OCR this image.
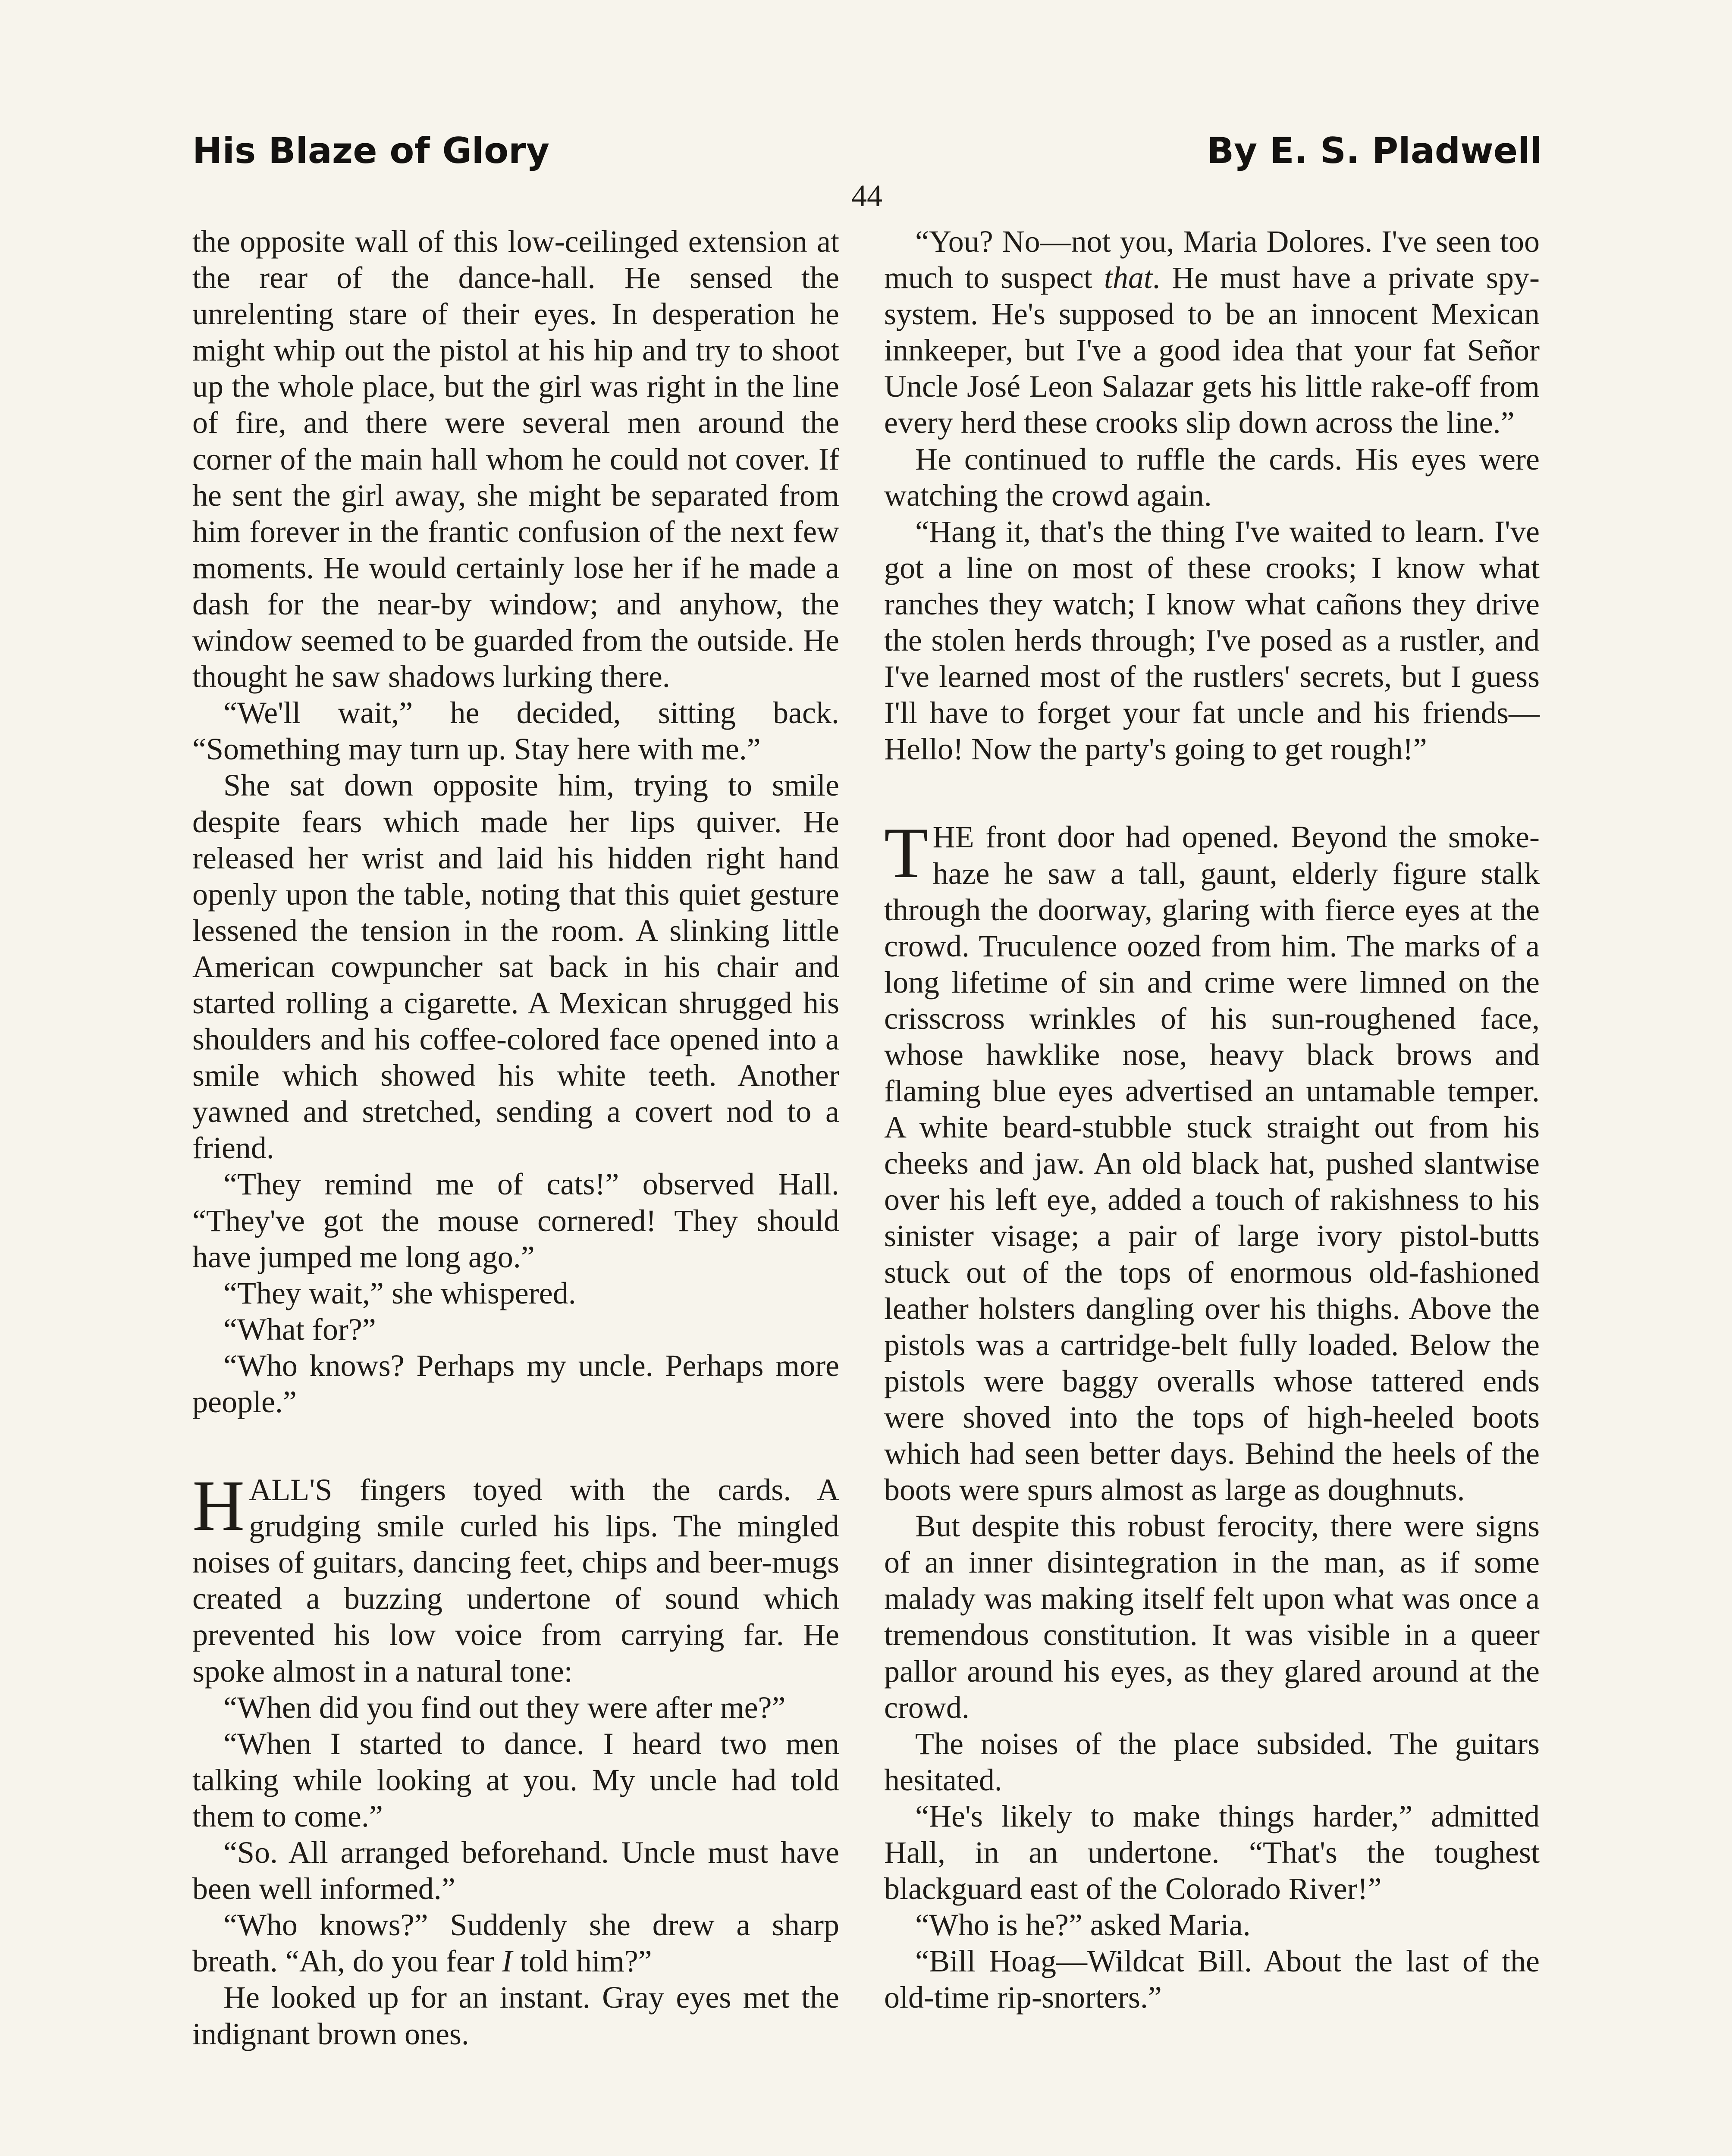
His Blaze of Glory	By E. S. Pladwell
44

the opposite wall of this low-ceilinged extension at the rear of the dance-hall. He sensed the unrelenting stare of their eyes. In desperation he might whip out the pistol at his hip and try to shoot up the whole place, but the girl was right in the line of fire, and there were several men around the corner of the main hall whom he could not cover. If he sent the girl away, she might be separated from him forever in the frantic confusion of the next few moments. He would certainly lose her if he made a dash for the near-by window; and anyhow, the window seemed to be guarded from the outside. He thought he saw shadows lurking there.

“We'll wait,” he decided, sitting back. “Something may turn up. Stay here with me.”

She sat down opposite him, trying to smile despite fears which made her lips quiver. He released her wrist and laid his hidden right hand openly upon the table, noting that this quiet gesture lessened the tension in the room. A slinking little American cowpuncher sat back in his chair and started rolling a cigarette. A Mexican shrugged his shoulders and his coffee-colored face opened into a smile which showed his white teeth. Another yawned and stretched, sending a covert nod to a friend.

“They remind me of cats!” observed Hall. “They've got the mouse cornered! They should have jumped me long ago.”

“They wait,” she whispered.

“What for?”

“Who knows? Perhaps my uncle. Perhaps more people.”

HALL'S fingers toyed with the cards. A grudging smile curled his lips. The mingled noises of guitars, dancing feet, chips and beer-mugs created a buzzing undertone of sound which prevented his low voice from carrying far. He spoke almost in a natural tone:

“When did you find out they were after me?”

“When I started to dance. I heard two men talking while looking at you. My uncle had told them to come.”

“So. All arranged beforehand. Uncle must have been well informed.”

“Who knows?” Suddenly she drew a sharp breath. “Ah, do you fear I told him?”

He looked up for an instant. Gray eyes met the indignant brown ones.

“You? No—not you, Maria Dolores. I've seen too much to suspect that. He must have a private spy-system. He's supposed to be an innocent Mexican innkeeper, but I've a good idea that your fat Señor Uncle José Leon Salazar gets his little rake-off from every herd these crooks slip down across the line.”

He continued to ruffle the cards. His eyes were watching the crowd again.

“Hang it, that's the thing I've waited to learn. I've got a line on most of these crooks; I know what ranches they watch; I know what cañons they drive the stolen herds through; I've posed as a rustler, and I've learned most of the rustlers' secrets, but I guess I'll have to forget your fat uncle and his friends— Hello! Now the party's going to get rough!”

THE front door had opened. Beyond the smoke-haze he saw a tall, gaunt, elderly figure stalk through the doorway, glaring with fierce eyes at the crowd. Truculence oozed from him. The marks of a long lifetime of sin and crime were limned on the crisscross wrinkles of his sun-roughened face, whose hawklike nose, heavy black brows and flaming blue eyes advertised an untamable temper. A white beard-stubble stuck straight out from his cheeks and jaw. An old black hat, pushed slantwise over his left eye, added a touch of rakishness to his sinister visage; a pair of large ivory pistol-butts stuck out of the tops of enormous old-fashioned leather holsters dangling over his thighs. Above the pistols was a cartridge-belt fully loaded. Below the pistols were baggy overalls whose tattered ends were shoved into the tops of high-heeled boots which had seen better days. Behind the heels of the boots were spurs almost as large as doughnuts.

But despite this robust ferocity, there were signs of an inner disintegration in the man, as if some malady was making itself felt upon what was once a tremendous constitution. It was visible in a queer pallor around his eyes, as they glared around at the crowd.

The noises of the place subsided. The guitars hesitated.

“He's likely to make things harder,” admitted Hall, in an undertone. “That's the toughest blackguard east of the Colorado River!”

“Who is he?” asked Maria.

“Bill Hoag—Wildcat Bill. About the last of the old-time rip-snorters.”
